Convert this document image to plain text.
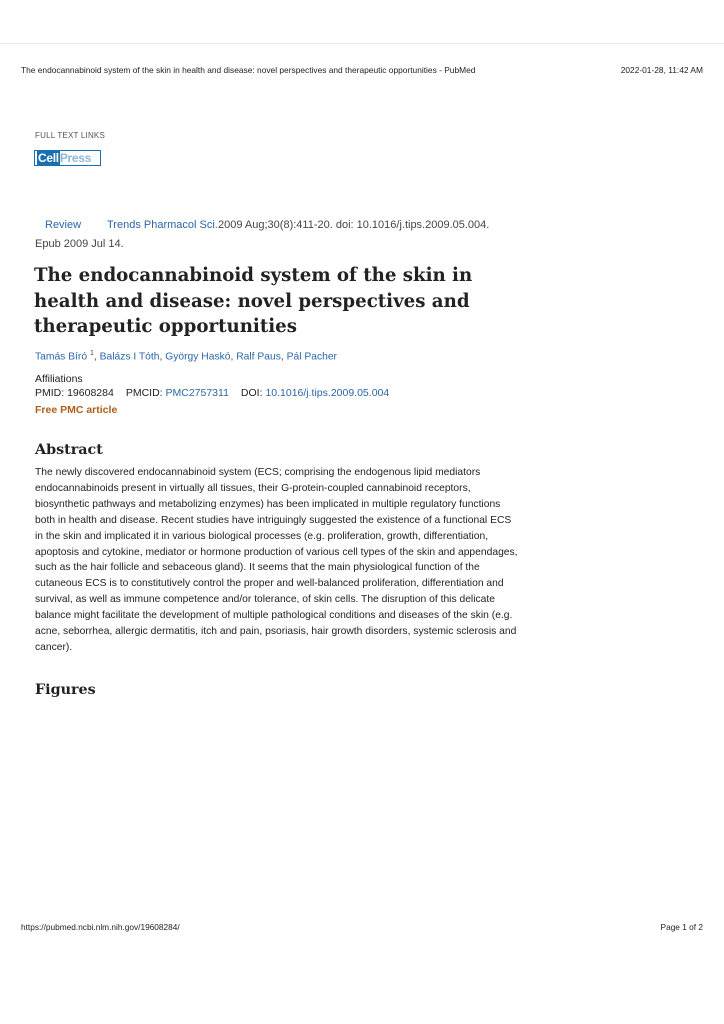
The endocannabinoid system of the skin in health and disease: novel perspectives and therapeutic opportunities - PubMed	2022-01-28, 11:42 AM
FULL TEXT LINKS
CellPress
Review Trends Pharmacol Sci. 2009 Aug;30(8):411-20. doi: 10.1016/j.tips.2009.05.004.
Epub 2009 Jul 14.
The endocannabinoid system of the skin in health and disease: novel perspectives and therapeutic opportunities
Tamás Bíró $^1$, Balázs I Tóth, György Haskó, Ralf Paus, Pál Pacher
Affiliations
PMID: 19608284 PMCID: PMC2757311 DOI: 10.1016/j.tips.2009.05.004
Free PMC article
Abstract

The newly discovered endocannabinoid system (ECS; comprising the endogenous lipid mediators endocannabinoids present in virtually all tissues, their G-protein-coupled cannabinoid receptors, biosynthetic pathways and metabolizing enzymes) has been implicated in multiple regulatory functions both in health and disease. Recent studies have intriguingly suggested the existence of a functional ECS in the skin and implicated it in various biological processes (e.g. proliferation, growth, differentiation, apoptosis and cytokine, mediator or hormone production of various cell types of the skin and appendages, such as the hair follicle and sebaceous gland). It seems that the main physiological function of the cutaneous ECS is to constitutively control the proper and well-balanced proliferation, differentiation and survival, as well as immune competence and/or tolerance, of skin cells. The disruption of this delicate balance might facilitate the development of multiple pathological conditions and diseases of the skin (e.g. acne, seborrhea, allergic dermatitis, itch and pain, psoriasis, hair growth disorders, systemic sclerosis and cancer).

Figures
https://pubmed.ncbi.nlm.nih.gov/19608284/	Page 1 of 2
